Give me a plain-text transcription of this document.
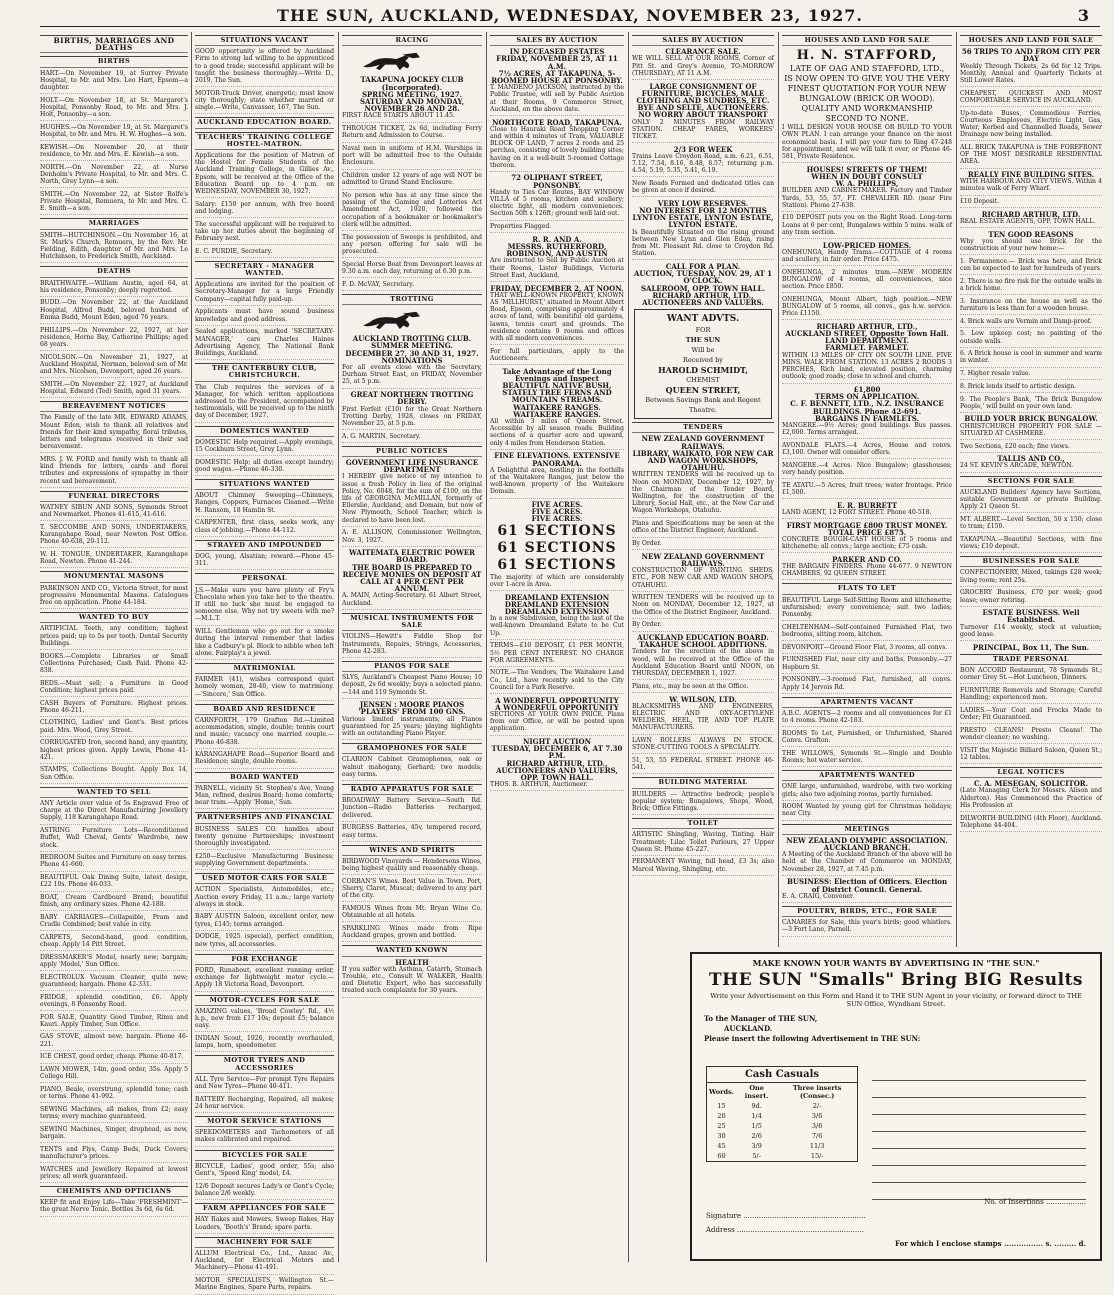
THE SUN, AUCKLAND, WEDNESDAY, NOVEMBER 23, 1927.	3
BIRTHS, MARRIAGES AND DEATHS
BIRTHS
HART.—On November 19, at Surrey Private Hospital, to Mr. and Mrs. Leo Hart, Epsom—a daughter.
HOLT.—On November 18, at St. Margaret's Hospital, Ponsonby Road, to Mr. and Mrs. J. Holt, Ponsonby—a son.
HUGHES.—On November 19, at St. Margaret's Hospital, to Mr. and Mrs. H. W. Hughes—a son.
KEWISH.—On November 20, at their residence, to Mr. and Mrs. E. Kewish—a son.
NORTH.—On November 22, at Nurse Denholm's Private Hospital, to Mr. and Mrs. C. North, Grey Lynn—a son.
SMITH.—On November 22, at Sister Rolfe's Private Hospital, Remuera, to Mr. and Mrs. C. E. Smith—a son.
MARRIAGES
SMITH—HUTCHINSON.—On November 16, at St. Mark's Church, Remuera, by the Rev. Mr. Fielding, Edith, daughter of Mr. and Mrs. Le Hutchinson, to Frederick Smith, Auckland.
DEATHS
BRAITHWAITE.—William Austin, aged 64, at his residence, Ponsonby; deeply regretted.
BUDD.—On November 22, at the Auckland Hospital, Alfred Budd, beloved husband of Emma Budd, Mount Eden, aged 76 years.
PHILLIPS.—On November 22, 1927, at her residence, Herne Bay, Catherine Phillips; aged 68 years.
NICOLSON.—On November 21, 1927, at Auckland Hospital, Norman, beloved son of Mr. and Mrs. Nicolson, Devonport, aged 26 years.
SMITH.—On November 22, 1927, at Auckland Hospital, Edward (Ted) Smith, aged 31 years.
BEREAVEMENT NOTICES
The Family of the late MR. EDWARD ADAMS, Mount Eden, wish to thank all relatives and friends for their kind sympathy, floral tributes, letters and telegrams received in their sad bereavement.
MRS. J. W. FORD and family wish to thank all kind friends for letters, cards and floral tributes and expressions of sympathy in their recent sad bereavement.
FUNERAL DIRECTORS
WATNEY SIBUN AND SONS, Symonds Street and Newmarket. Phones 41-615, 41-616.
T. SECCOMBE AND SONS, UNDERTAKERS, Karangahape Road, near Newton Post Office. Phone 40-638, 20-112.
W. H. TONGUE, UNDERTAKER, Karangahape Road, Newton. Phone 41-244.
MONUMENTAL MASONS
PARKINSON AND CO., Victoria Street, for most progressive Monumental Masons. Catalogues free on application. Phone 44-184.
WANTED TO BUY
ARTIFICIAL Teeth, any condition; highest prices paid; up to 5s per tooth. Dental Security Buildings.
BOOKS.—Complete Libraries or Small Collections Purchased; Cash Paid. Phone 42-838.
BEDS.—Must sell; a Furniture in Good Condition; highest prices paid.
CASH Buyers of Furniture. Highest prices. Phone 46-211.
CLOTHING, Ladies' and Gent's. Best prices paid. Mrs. Wood, Grey Street.
CORRUGATED Iron, second hand, any quantity, highest prices given. Apply Lewis, Phone 41-421.
STAMPS, Collections Bought. Apply Box 14, Sun Office.
WANTED TO SELL
ANY Article over value of 5s Engraved Free of charge at the Direct Manufacturing Jewellery Supply, 118 Karangahape Road.
ASTRING Furniture Lots—Reconditioned Buffet, Wall Cheval, Gents' Wardrobe, new stock.
BEDROOM Suites and Furniture on easy terms. Phone 41-660.
BEAUTIFUL Oak Dining Suite, latest design, £22 10s. Phone 46-033.
BOAT, Cream Cardboard Brand; beautiful finish, any ordinary sizes. Phone 42-188.
BABY CARRIAGES—Collapsible, Pram and Cradle Combined; best value in city.
CARPETS, Second-hand, good condition, cheap. Apply 14 Pitt Street.
DRESSMAKER'S Model, nearly new; bargain; apply 'Model,' Sun Office.
ELECTROLUX Vacuum Cleaner, quite new; guaranteed; bargain. Phone 42-331.
FRIDGE, splendid condition, £6. Apply evenings, 8 Ponsonby Road.
FOR SALE, Quantity Good Timber, Rimu and Kauri. Apply Timber, Sun Office.
GAS STOVE, almost new; bargain. Phone 46-221.
ICE CHEST, good order, cheap. Phone 40-817.
LAWN MOWER, 14in, good order, 35s. Apply 5 College Hill.
PIANO, Beale, overstrung, splendid tone; cash or terms. Phone 41-992.
SEWING Machines, all makes, from £2; easy terms; every machine guaranteed.
SEWING Machines, Singer, drophead, as new, bargain.
TENTS and Flys, Camp Beds, Duck Covers; manufacturer's prices.
WATCHES and Jewellery Repaired at lowest prices; all work guaranteed.
CHEMISTS AND OPTICIANS
KEEP fit and Enjoy Life—Take 'FRESHMINT'—the great Nerve Tonic. Bottles 3s 6d, 6s 6d.
SITUATIONS VACANT
GOOD opportunity is offered by Auckland Firm to strong lad willing to be apprenticed to a good trade; successful applicant will be taught the business thoroughly.—Write D., 2019, The Sun.
MOTOR-Truck Driver, energetic; must know city thoroughly; state whether married or single.—Write, Canvasser, 167, The Sun.
AUCKLAND EDUCATION BOARD.
TEACHERS' TRAINING COLLEGE HOSTEL-MATRON.
Applications for the position of Matron of the Hostel for Female Students of the Auckland Training College, in Gillies Av., Epsom, will be received at the Office of the Education Board up to 4 p.m. on WEDNESDAY, NOVEMBER 30, 1927.
Salary: £150 per annum, with free board and lodging.
The successful applicant will be required to take up her duties about the beginning of February next.
E. C. PURDIE, Secretary.
SECRETARY - MANAGER WANTED.
Applications are invited for the position of Secretary-Manager for a large Friendly Company—capital fully paid-up.
Applicants must have sound business knowledge and good address.
Sealed applications, marked 'SECRETARY-MANAGER,' care Charles Haines Advertising Agency, The National Bank Buildings, Auckland.
THE CANTERBURY CLUB, CHRISTCHURCH.
The Club requires the services of a Manager, for which written applications addressed to the President, accompanied by testimonials, will be received up to the ninth day of December, 1927.
DOMESTICS WANTED
DOMESTIC Help required.—Apply evenings, 15 Cockburn Street, Grey Lynn.
DOMESTIC Help; all duties except laundry; good wages.—Phone 46-330.
SITUATIONS WANTED
ABOUT Chimney Sweeping—Chimneys, Ranges, Coppers, Furnaces Cleaned.—Write H. Ransom, 18 Hamlin St.
CARPENTER, first class, seeks work, any class of jobbing.—Phone 44-112.
STRAYED AND IMPOUNDED
DOG, young, Alsatian; reward.—Phone 45-311.
PERSONAL
J.S.—Make sure you have plenty of Fry's Chocolate when you take her to the theatre. If still no luck she must be engaged to someone else. Why not try sweets with me?—M.L.T.
WILL Gentleman who go out for a smoke during the interval remember that ladies like a Cadbury's pl. Block to nibble when left alone. Fairplay's a jewel.
MATRIMONIAL
FARMER (41), wishes correspond quiet homely woman, 28-40, view to matrimony.—'Sincere,' Sun Office.
BOARD AND RESIDENCE
CARNFORTH, 179 Grafton Rd.—Limited accommodation, single, double; tennis court and music; vacancy one married couple.—Phone 46-838.
KARANGAHAPE Road—Superior Board and Residence; single, double rooms.
BOARD WANTED
PARNELL, vicinity St. Stephen's Ave, Young Man, refined, desires Board; home comforts; near tram.—Apply 'Home,' Sun.
PARTNERSHIPS AND FINANCIAL
BUSINESS SALES CO. handles about twenty genuine Partnerships; investment thoroughly investigated.
£250—Exclusive Manufacturing Business; supplying Government departments.
USED MOTOR CARS FOR SALE
ACTION Specialists, Automobiles, etc.; Auction every Friday, 11 a.m.; large variety always in stock.
BABY AUSTIN Saloon, excellent order, new tyres, £145; terms arranged.
DODGE, 1925 (special), perfect condition, new tyres, all accessories.
FOR EXCHANGE
FORD, Runabout, excellent running order, exchange for lightweight motor cycle.—Apply 18 Victoria Road, Devonport.
MOTOR-CYCLES FOR SALE
AMAZING values, 'Broad Cowley' Rd., 4½ h.p., new from £17 10s; deposit £5; balance easy.
INDIAN Scout, 1926, recently overhauled, lamps, horn, speedometer.
MOTOR TYRES AND ACCESSORIES
ALL Tyre Service—For prompt Tyre Repairs and New Tyres—Phone 40-411.
BATTERY Recharging, Repaired, all makes; 24 hour service.
MOTOR SERVICE STATIONS
SPEEDOMETERS and Tachometers of all makes calibrated and repaired.
BICYCLES FOR SALE
BICYCLE, Ladies', good order, 55s; also Gent's, 'Speed King' model, £4.
12/6 Deposit secures Lady's or Gent's Cycle; balance 2/6 weekly.
FARM APPLIANCES FOR SALE
HAY Rakes and Mowers, Sweep Rakes, Hay Loaders, 'Booth's' Brand; spare parts.
MACHINERY FOR SALE
ALLUM Electrical Co., Ltd., Anzac Av., Auckland, for Electrical Motors and Machinery—Phone 41-491.
MOTOR SPECIALISTS, Wellington St.—Marine Engines, Spare Parts, repairs.
RACING
TAKAPUNA JOCKEY CLUB (Incorporated).
SPRING MEETING, 1927.
SATURDAY AND MONDAY, NOVEMBER 26 AND 28.
FIRST RACE STARTS ABOUT 11.45.
THROUGH TICKET, 2s 6d, including Ferry Return and Admission to Course.
Naval men in uniform of H.M. Warships in port will be admitted free to the Outside Enclosure.
Children under 12 years of age will NOT be admitted to Grand Stand Enclosure.
No person who has at any time since the passing of the Gaming and Lotteries Act Amendment Act, 1920, followed the occupation of a bookmaker or bookmaker's clerk will be admitted.
The possession of Sweeps is prohibited, and any person offering for sale will be prosecuted.
Special Horse Boat from Devonport leaves at 9.30 a.m. each day, returning at 6.30 p.m.
F. D. McVAY, Secretary.
TROTTING
AUCKLAND TROTTING CLUB.
SUMMER MEETING.
DECEMBER 27, 30 AND 31, 1927.
NOMINATIONS
For all events close with the Secretary, Durham Street East, on FRIDAY, November 25, at 5 p.m.
GREAT NORTHERN TROTTING DERBY.
First Forfeit (£10) for the Great Northern Trotting Derby, 1928, closes on FRIDAY, November 25, at 5 p.m.
A. G. MARTIN, Secretary.
PUBLIC NOTICES
GOVERNMENT LIFE INSURANCE DEPARTMENT
I HEREBY give notice of my intention to issue a fresh Policy in lieu of the original Policy, No. 6048, for the sum of £100, on the life of GEORGINA McMILLAN, formerly of Ellerslie, Auckland, and Domain, but now of New Plymouth, School Teacher, which is declared to have been lost.
A. E. ALLISON, Commissioner. Wellington, Nov. 3, 1927.
WAITEMATA ELECTRIC POWER BOARD.
THE BOARD IS PREPARED TO RECEIVE MONIES ON DEPOSIT AT CALL AT 4 PER CENT PER ANNUM.
A. MAIN, Acting-Secretary. 61 Albert Street, Auckland.
MUSICAL INSTRUMENTS FOR SALE
VIOLINS—Hewitt's Fiddle Shop for Instruments, Repairs, Strings, Accessories, Phone 42-283.
PIANOS FOR SALE
SLYS, Auckland's Cheapest Piano House; 10 deposit, 2s 6d weekly; buys a selected piano.—144 and 119 Symonds St.
JENSEN : MOORE PIANOS 'PLAYERS' FROM 100 GNS.
Various limited instruments; all Pianos guaranteed for 25 years; playing highlights with an outstanding Piano Player.
GRAMOPHONES FOR SALE
CLARION Cabinet Gramophones, oak or walnut mahogany, Gerhard; two models; easy terms.
RADIO APPARATUS FOR SALE
BROADWAY Battery Service—South Rd. Junction—Radio Batteries recharged, delivered.
BURGESS Batteries, 45v, tempered record, easy terms.
WINES AND SPIRITS
BIRDWOOD Vineyards — Hendersons Wines, being highest quality and reasonably cheap.
CORBAN'S Wines. Best Value in Town. Port, Sherry, Claret, Muscat; delivered to any part of the city.
FAMOUS Wines from Mt. Bryan Wine Co. Obtainable at all hotels.
SPARKLING Wines made from Ripe Auckland grapes, grown and bottled.
WANTED KNOWN
HEALTH
If you suffer with Asthma, Catarrh, Stomach Trouble, etc., Consult W. WALKER, Health and Dietetic Expert, who has successfully treated such complaints for 30 years.
SALES BY AUCTION
IN DECEASED ESTATES
FRIDAY, NOVEMBER 25, AT 11 A.M.
7½ ACRES, AT TAKAPUNA, 5-ROOMED HOUSE AT PONSONBY.
T. MANDENO JACKSON, instructed by the Public Trustee, will sell by Public Auction at their Rooms, 9 Commerce Street, Auckland, on the above date.
NORTHCOTE ROAD, TAKAPUNA.
Close to Hauraki Road Shopping Corner and within 4 minutes of Tram, VALUABLE BLOCK OF LAND, 7 acres 2 roods and 25 perches, consisting of lovely building sites; having on it a well-built 5-roomed Cottage thereon.
72 OLIPHANT STREET, PONSONBY.
Handy to Ties Car Routes, BAY WINDOW VILLA of 5 rooms, kitchen and scullery; electric light, all modern conveniences. Section 50ft x 126ft; ground well laid out.
Properties Flagged.
R. R. AND A.
MESSRS. RUTHERFORD, ROBINSON, AND AUSTIN
Are instructed to Sell by Public Auction at their Rooms, Lister Buildings, Victoria Street East, Auckland,
FRIDAY, DECEMBER 2, AT NOON.
THAT WELL-KNOWN PROPERTY, KNOWN AS 'MILLHURST,' situated in Mount Albert Road, Epsom, comprising approximately 4 acres of land, with beautiful old gardens, lawns, tennis court and grounds. The residence contains 9 rooms and offices with all modern conveniences.
For full particulars, apply to the Auctioneers.
Take Advantage of the Long Evenings and Inspect
BEAUTIFUL NATIVE BUSH, STATELY TREE FERNS AND MOUNTAIN STREAMS.
WAITAKERE RANGES.
WAITAKERE RANGES.
All within 3 miles of Queen Street. Accessible by all season roads. Building sections of a quarter acre and upward, only 4 miles from Henderson Station.
FINE ELEVATIONS. EXTENSIVE PANORAMA.
A Delightful area, nestling in the foothills of the Waitakere Ranges, just below the well-known property of the Waitakere Domain.
FIVE ACRES.
FIVE ACRES.
FIVE ACRES.
61 SECTIONS
61 SECTIONS
61 SECTIONS
The majority of which are considerably over 1-acre in Area.
DREAMLAND EXTENSION
DREAMLAND EXTENSION
DREAMLAND EXTENSION
In a new Subdivision, being the last of the well-known Dreamland Estate to be Cut Up.
TERMS—£10 DEPOSIT, £1 PER MONTH, 5½ PER CENT INTEREST. NO CHARGE FOR AGREEMENTS.
NOTE.—The Vendors, The Waitakere Land Co., Ltd., have recently sold to the City Council for a Park Reserve.
A WONDERFUL OPPORTUNITY
A WONDERFUL OPPORTUNITY
SECTIONS AT YOUR OWN PRICE. Plans from our Office, or will be posted upon application.
NIGHT AUCTION
TUESDAY, DECEMBER 6, AT 7.30 P.M.
RICHARD ARTHUR, LTD., AUCTIONEERS AND VALUERS, OPP. TOWN HALL.
THOS. B. ARTHUR, Auctioneer.
SALES BY AUCTION
CLEARANCE SALE.
WE WILL SELL AT OUR ROOMS, Corner of Pitt St. and Grey's Avenue, TO-MORROW (THURSDAY), AT 11 A.M.
LARGE CONSIGNMENT OF FURNITURE, BICYCLES, MALE CLOTHING AND SUNDRIES, ETC.
BYE AND SELTE, AUCTIONEERS.
NO WORRY ABOUT TRANSPORT
ONLY 2 MINUTES FROM RAILWAY STATION. CHEAP FARES, WORKERS' TICKET.
2/3 FOR WEEK
Trains Leave Croydon Road, a.m. 6.21, 6.51, 7.12, 7.54, 8.16, 8.48, 8.57; returning p.m. 4.54, 5.19, 5.35, 5.41, 6.19.
New Roads Formed and dedicated titles can be given at once if desired.
VERY LOW RESERVES.
NO INTEREST FOR 12 MONTHS
LYNTON ESTATE, LYNTON ESTATE, LYNTON ESTATE.
Is Beautifully Situated on the rising ground between New Lynn and Glen Eden, rising from Mt. Pleasant Rd. close to Croydon Rd. Station.
CALL FOR A PLAN.
AUCTION, TUESDAY, NOV. 29, AT 1 O'CLOCK.
SALEROOM, OPP. TOWN HALL.
RICHARD ARTHUR, LTD., AUCTIONEERS AND VALUERS.
WANT ADVTS.
FOR
THE SUN
Will be
Received by
HAROLD SCHMIDT,
CHEMIST
QUEEN STREET,
Between Savings Bank and Regent Theatre.
TENDERS
NEW ZEALAND GOVERNMENT RAILWAYS.
LIBRARY, WAIKATO, FOR NEW CAR AND WAGON WORKSHOPS, OTAHUHU.
WRITTEN TENDERS will be received up to Noon on MONDAY, December 12, 1927, by the Chairman of the Tender Board, Wellington, for the construction of the Library, Social Hall, etc., at the New Car and Wagon Workshops, Otahuhu.
Plans and Specifications may be seen at the office of the District Engineer, Auckland.
By Order.
NEW ZEALAND GOVERNMENT RAILWAYS.
CONSTRUCTION OF PAINTING SHEDS, ETC., FOR NEW CAR AND WAGON SHOPS, OTAHUHU.
WRITTEN TENDERS will be received up to Noon on MONDAY, December 12, 1927, at the Office of the District Engineer, Auckland.
By Order.
AUCKLAND EDUCATION BOARD.
TAKAHUE SCHOOL ADDITIONS.
Tenders for the erection of the above in wood, will be received at the Office of the Auckland Education Board until NOON, on THURSDAY, DECEMBER 1, 1927.
Plans, etc., may be seen at the Office.
W. WILSON, LTD.
BLACKSMITHS AND ENGINEERS, ELECTRIC AND OXY-ACETYLENE WELDERS, HEEL, TIP, AND TOP PLATE MANUFACTURERS.
LAWN ROLLERS ALWAYS IN STOCK. STONE-CUTTING TOOLS A SPECIALITY.
51, 53, 55 FEDERAL STREET. PHONE 46-541.
BUILDING MATERIAL
BUILDERS — Attractive bedrock; people's popular system; Bungalows, Shops, Wood, Brick; Office Fittings.
TOILET
ARTISTIC Shingling, Waving, Tinting. Hair Treatment; Lilac Toilet Parlours, 27 Upper Queen St. Phone 45-227.
PERMANENT Waving, full head, £3 3s; also Marcel Waving, Shingling, etc.
HOUSES AND LAND FOR SALE
H. N. STAFFORD,
LATE OF OAG AND STAFFORD, LTD.,
IS NOW OPEN TO GIVE YOU THE VERY FINEST QUOTATION FOR YOUR NEW BUNGALOW (BRICK OR WOOD).
QUALITY AND WORKMANSHIP SECOND TO NONE.
I WILL DESIGN YOUR HOUSE OR BUILD TO YOUR OWN PLAN. I can arrange your finance on the most economical basis. I will pay your fare to Ring 47-248 for appointment, and we will talk it over, or Phone 46-581, Private Residence.
HOUSES! STREETS OF THEM!
WHEN IN DOUBT CONSULT
W. A. PHILLIPS,
BUILDER AND CABINETMAKER. Factory and Timber Yards, 53, 55, 57, FT. CHEVALIER RD. (near Fire Station). Phone 27-638.
£10 DEPOSIT puts you on the Right Road. Long-term Loans at 6 per cent, Bungalows within 5 mins. walk of any tram section.
LOW-PRICED HOMES.
ONEHUNGA, Handy Trams.—COTTAGE of 4 rooms and scullery, in fair order. Price £475.
ONEHUNGA, 2 minutes tram.—NEW MODERN BUNGALOW of 4 rooms, all conveniences, nice section. Price £850.
ONEHUNGA, Mount Albert, high position.—NEW BUNGALOW of 5 rooms, all convs., gas h.w. service. Price £1150.
RICHARD ARTHUR, LTD.,
AUCKLAND STREET, Opposite Town Hall. LAND DEPARTMENT.
FARMLET. FARMLET.
WITHIN 13 MILES OF CITY ON SOUTH LINE. FIVE MINS. WALK FROM STATION. 13 ACRES 2 ROODS 3 PERCHES, Rich land, elevated position, charming outlook; good roads; close to school and church.
£1,800
TERMS ON APPLICATION.
C. F. BENNETT, LTD., N.Z. INSURANCE BUILDINGS. Phone 42-691.
BARGAINS IN FARMLETS.
MANGERE.—9½ Acres; good buildings. Bus passes. £2,000. Terms arranged.
AVONDALE FLATS.—4 Acres, House and convs. £3,100. Owner will consider offers.
MANGERE.—4 Acres. Nice Bungalow; glasshouses; very handy position.
TE ATATU.—5 Acres, fruit trees; water frontage. Price £1,500.
E. R. BURRETT
LAND AGENT, 12 FORT STREET. Phone 40-518.
FIRST MORTGAGE £800 TRUST MONEY.
TOTAL PRICE £875.
CONCRETE BOUGH-CAST HOUSE of 5 rooms and kitchenette; all convs.; large section; £75 cash.
PARKER AND CO.
THE BARGAIN FINDERS. Phone 44-677. 9 NEWTON CHAMBERS, 92 QUEEN STREET.
FLATS TO LET
BEAUTIFUL Large Self-Sitting Room and kitchenette; unfurnished; every convenience; suit two ladies; Ponsonby.
CHELTENHAM—Self-contained Furnished Flat, two bedrooms, sitting room, kitchen.
DEVONPORT—Ground Floor Flat, 3 rooms, all convs.
FURNISHED Flat, near city and baths, Ponsonby.—27 Hepburn St.
PONSONBY.—3-roomed Flat, furnished, all convs. Apply 14 Jervois Rd.
APARTMENTS VACANT
A.B.C. AGENTS—2 rooms and all conveniences for £1 to 4 rooms. Phone 42-183.
ROOMS To Let, Furnished, or Unfurnished, Shared Convs. Grafton.
THE WILLOWS, Symonds St.—Single and Double Rooms; hot water service.
APARTMENTS WANTED
ONE large, unfurnished, wardrobe, with two working girls; also two adjoining rooms, partly furnished.
ROOM Wanted by young girl for Christmas holidays; near City.
MEETINGS
NEW ZEALAND OLYMPIC ASSOCIATION.
AUCKLAND BRANCH.
A Meeting of the Auckland Branch of the above will be held at the Chamber of Commerce on MONDAY, November 28, 1927, at 7.45 p.m.
BUSINESS: Election of Officers. Election of District Council. General.
E. A. CRAIG, Convener.
POULTRY, BIRDS, ETC., FOR SALE
CANARIES for Sale, this year's birds; good whistlers.—3 Fort Lane, Parnell.
HOUSES AND LAND FOR SALE
56 TRIPS TO AND FROM CITY PER DAY
Weekly Through Tickets, 2s 6d for 12 Trips. Monthly, Annual and Quarterly Tickets at Still Lower Rates.
CHEAPEST, QUICKEST AND MOST COMFORTABLE SERVICE IN AUCKLAND.
Up-to-date Buses, Commodious Ferries, Courteous Employees, Electric Light, Gas, Water, Kerbed and Channelled Roads, Sewer Drainage now being installed.
ALL BRICK TAKAPUNA is THE FOREFRONT OF THE MOST DESIRABLE RESIDENTIAL AREA.
REALLY FINE BUILDING SITES.
WITH HARBOUR AND CITY VIEWS. Within 4 minutes walk of Ferry Wharf.
£10 Deposit.
RICHARD ARTHUR, LTD.
REAL ESTATE AGENTS, OPP. TOWN HALL.
TEN GOOD REASONS
Why you should use Brick for the construction of your new home:—
1. Permanence.— Brick was here, and Brick can be expected to last for hundreds of years.
2. There is no fire risk for the outside walls in a brick home.
3. Insurance on the house as well as the furniture is less than for a wooden house.
4. Brick walls are Vermin and Damp-proof.
5. Low upkeep cost; no painting of the outside walls.
6. A Brick house is cool in summer and warm in winter.
7. Higher resale value.
8. Brick lends itself to artistic design.
9. The People's Bank, 'The Brick Bungalow People,' will build on your own land.
BUILD YOUR BRICK BUNGALOW.
CHRISTCHURCH PROPERTY FOR SALE — SITUATED AT CASHMERE.
Two Sections, £20 each; fine views.
TALLIS AND CO.,
24 ST. KEVIN'S ARCADE, NEWTON.
SECTIONS FOR SALE
AUCKLAND Builders' Agency have Sections, suitable Government or private Building. Apply 21 Queen St.
MT. ALBERT.—Level Section, 50 x 150; close to tram; £150.
TAKAPUNA.—Beautiful Sections, with fine views; £10 deposit.
BUSINESSES FOR SALE
CONFECTIONERY, Mixed, takings £28 week; living room; rent 25s.
GROCERY Business, £70 per week; good lease; owner retiring.
ESTATE BUSINESS. Well Established.
Turnover £14 weekly, stock at valuation; good lease.
PRINCIPAL, Box 11, The Sun.
TRADE PERSONAL
BON ACCORD Restaurant, 78 Symonds St.; corner Grey St.—Hot Luncheon, Dinners.
FURNITURE Removals and Storage; Careful Handling; experienced men.
LADIES.—Your Coat and Frocks Made to Order; Fit Guaranteed.
PRESTO CLEANS! Presto Cleans! The wonder cleaner; no washing.
VISIT the Majestic Billiard Saloon, Queen St.; 12 tables.
LEGAL NOTICES
C. A. MESEGAN, SOLICITOR.
(Late Managing Clerk for Messrs. Alison and Alderton). Has Commenced the Practice of His Profession at
DILWORTH BUILDING (4th Floor), Auckland. Telephone 44-404.
MAKE KNOWN YOUR WANTS BY ADVERTISING IN "THE SUN."
THE SUN "Smalls" Bring BIG Results
Write your Advertisement on this Form and Hand it to THE SUN Agent in your vicinity, or forward direct to THE SUN Office, Wyndham Street.
To the Manager of THE SUN,
AUCKLAND.
Please insert the following Advertisement in THE SUN:
Cash Casuals
Words.	One insert.	Three inserts (Consec.)
15	9d.	2/-
20	1/4	3/6
25	1/5	3/6
30	2/6	7/6
45	3/9	11/3
60	5/-	15/-
No. of Insertions ..................
Signature .......................................................
Address .........................................................
For which I enclose stamps ................ s. ......... d.
